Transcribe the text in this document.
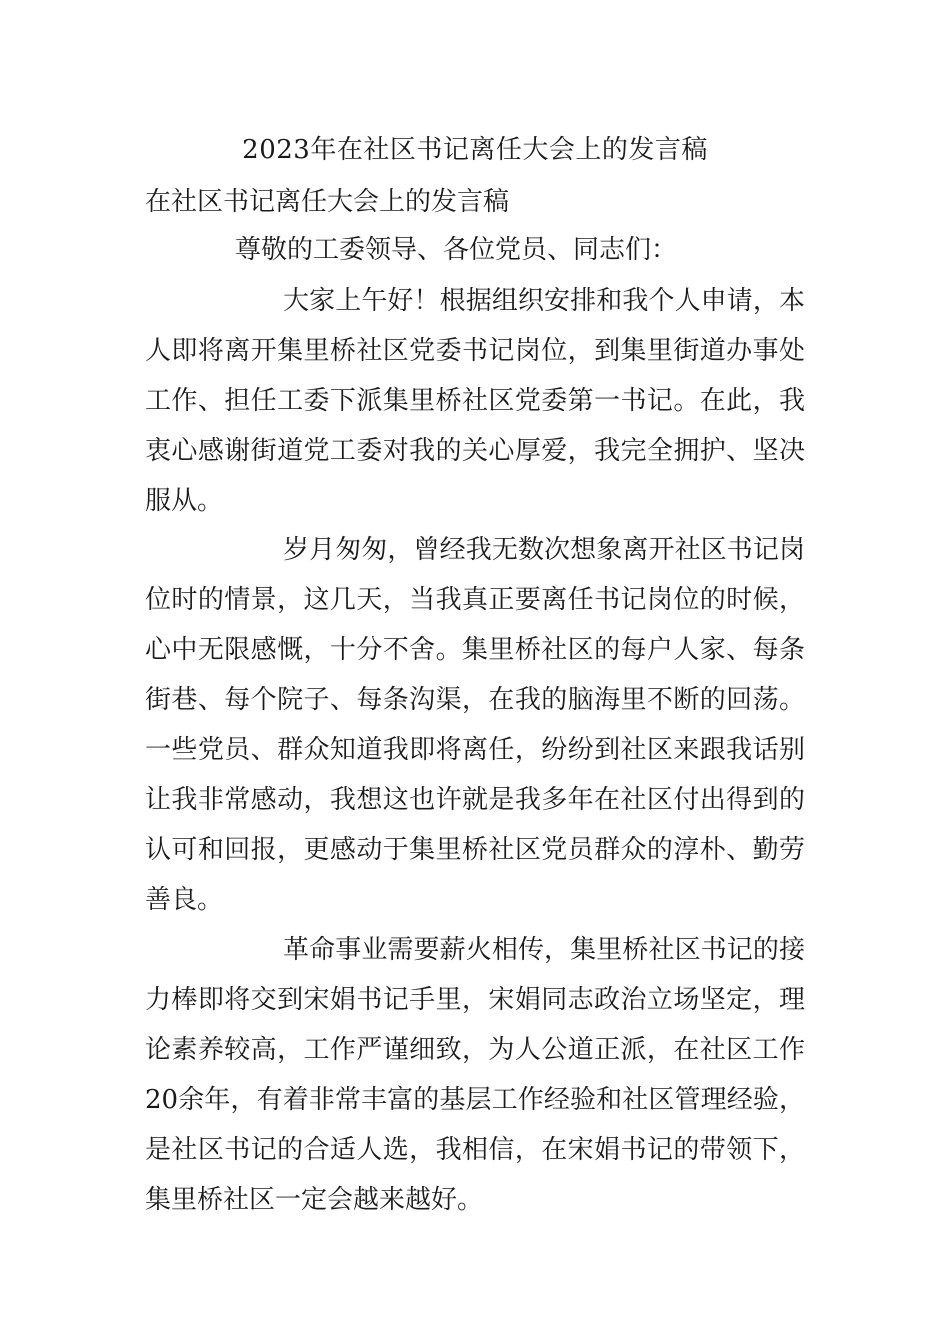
2023年在社区书记离任大会上的发言稿
在社区书记离任大会上的发言稿
尊敬的工委领导、各位党员、同志们：
大家上午好！根据组织安排和我个人申请，本
人即将离开集里桥社区党委书记岗位，到集里街道办事处
工作、担任工委下派集里桥社区党委第一书记。在此，我
衷心感谢街道党工委对我的关心厚爱，我完全拥护、坚决
服从。
岁月匆匆，曾经我无数次想象离开社区书记岗
位时的情景，这几天，当我真正要离任书记岗位的时候，
心中无限感慨，十分不舍。集里桥社区的每户人家、每条
街巷、每个院子、每条沟渠，在我的脑海里不断的回荡。
一些党员、群众知道我即将离任，纷纷到社区来跟我话别
让我非常感动，我想这也许就是我多年在社区付出得到的
认可和回报，更感动于集里桥社区党员群众的淳朴、勤劳
善良。
革命事业需要薪火相传，集里桥社区书记的接
力棒即将交到宋娟书记手里，宋娟同志政治立场坚定，理
论素养较高，工作严谨细致，为人公道正派，在社区工作
20余年，有着非常丰富的基层工作经验和社区管理经验，
是社区书记的合适人选，我相信，在宋娟书记的带领下，
集里桥社区一定会越来越好。
